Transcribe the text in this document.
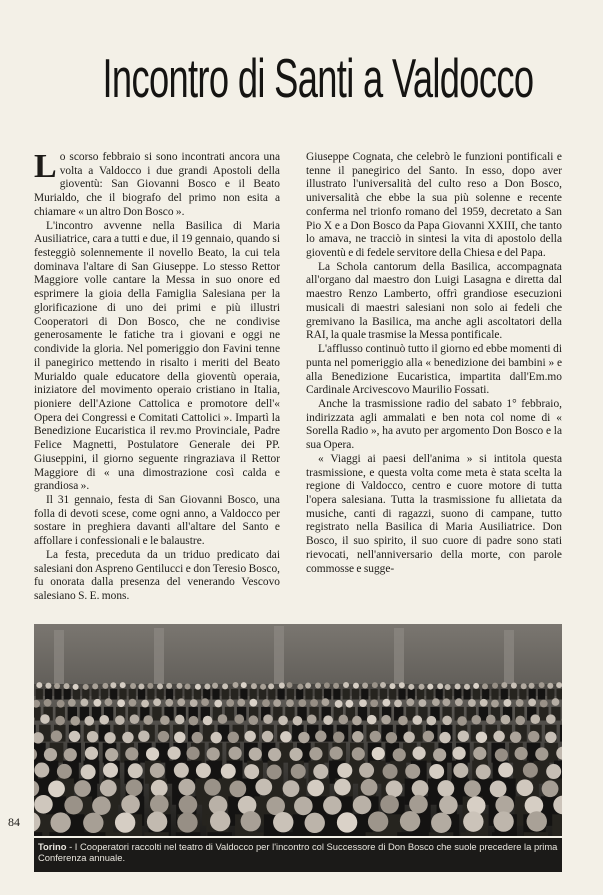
Incontro di Santi a Valdocco

Lo scorso febbraio si sono incontrati ancora una volta a Valdocco i due grandi Apostoli della gioventù: San Giovanni Bosco e il Beato Murialdo, che il biografo del primo non esita a chiamare « un altro Don Bosco ».

L'incontro avvenne nella Basilica di Maria Ausiliatrice, cara a tutti e due, il 19 gennaio, quando si festeggiò solennemente il novello Beato, la cui tela dominava l'altare di San Giuseppe. Lo stesso Rettor Maggiore volle cantare la Messa in suo onore ed esprimere la gioia della Famiglia Salesiana per la glorificazione di uno dei primi e più illustri Cooperatori di Don Bosco, che ne condivise generosamente le fatiche tra i giovani e oggi ne condivide la gloria. Nel pomeriggio don Favini tenne il panegirico mettendo in risalto i meriti del Beato Murialdo quale educatore della gioventù operaia, iniziatore del movimento operaio cristiano in Italia, pioniere dell'Azione Cattolica e promotore dell'« Opera dei Congressi e Comitati Cattolici ». Impartì la Benedizione Eucaristica il rev.mo Provinciale, Padre Felice Magnetti, Postulatore Generale dei PP. Giuseppini, il giorno seguente ringraziava il Rettor Maggiore di « una dimostrazione così calda e grandiosa ».

Il 31 gennaio, festa di San Giovanni Bosco, una folla di devoti scese, come ogni anno, a Valdocco per sostare in preghiera davanti all'altare del Santo e affollare i confessionali e le balaustre.

La festa, preceduta da un triduo predicato dai salesiani don Aspreno Gentilucci e don Teresio Bosco, fu onorata dalla presenza del venerando Vescovo salesiano S. E. mons.

Giuseppe Cognata, che celebrò le funzioni pontificali e tenne il panegirico del Santo. In esso, dopo aver illustrato l'universalità del culto reso a Don Bosco, universalità che ebbe la sua più solenne e recente conferma nel trionfo romano del 1959, decretato a San Pio X e a Don Bosco da Papa Giovanni XXIII, che tanto lo amava, ne tracciò in sintesi la vita di apostolo della gioventù e di fedele servitore della Chiesa e del Papa.

La Schola cantorum della Basilica, accompagnata all'organo dal maestro don Luigi Lasagna e diretta dal maestro Renzo Lamberto, offrì grandiose esecuzioni musicali di maestri salesiani non solo ai fedeli che gremivano la Basilica, ma anche agli ascoltatori della RAI, la quale trasmise la Messa pontificale.

L'afflusso continuò tutto il giorno ed ebbe momenti di punta nel pomeriggio alla « benedizione dei bambini » e alla Benedizione Eucaristica, impartita dall'Em.mo Cardinale Arcivescovo Maurilio Fossati.

Anche la trasmissione radio del sabato 1° febbraio, indirizzata agli ammalati e ben nota col nome di « Sorella Radio », ha avuto per argomento Don Bosco e la sua Opera.

« Viaggi ai paesi dell'anima » si intitola questa trasmissione, e questa volta come meta è stata scelta la regione di Valdocco, centro e cuore motore di tutta l'opera salesiana. Tutta la trasmissione fu allietata da musiche, canti di ragazzi, suono di campane, tutto registrato nella Basilica di Maria Ausiliatrice. Don Bosco, il suo spirito, il suo cuore di padre sono stati rievocati, nell'anniversario della morte, con parole commosse e sugge-

84
Torino - I Cooperatori raccolti nel teatro di Valdocco per l'incontro col Successore di Don Bosco che suole precedere la prima Conferenza annuale.
